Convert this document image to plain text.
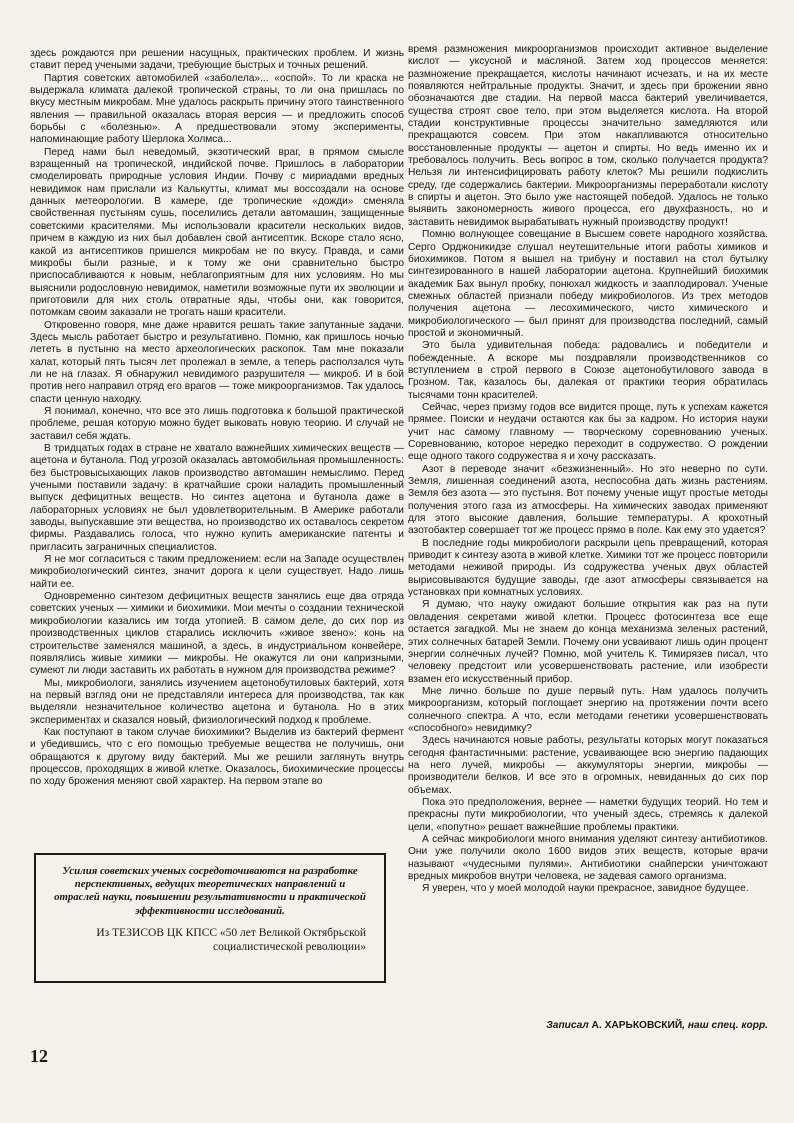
здесь рождаются при решении насущных, практических проблем. И жизнь ставит перед учеными задачи, требующие быстрых и точных решений.

Партия советских автомобилей «заболела»... «оспой». То ли краска не выдержала климата далекой тропической страны, то ли она пришлась по вкусу местным микробам. Мне удалось раскрыть причину этого таинственного явления — правильной оказалась вторая версия — и предложить способ борьбы с «болезнью». А предшествовали этому эксперименты, напоминающие работу Шерлока Холмса...

Перед нами был неведомый, экзотический враг, в прямом смысле взращенный на тропической, индийской почве. Пришлось в лаборатории смоделировать природные условия Индии. Почву с мириадами вредных невидимок нам прислали из Калькутты, климат мы воссоздали на основе данных метеорологии. В камере, где тропические «дожди» сменяла свойственная пустыням сушь, поселились детали автомашин, защищенные советскими красителями. Мы использовали красители нескольких видов, причем в каждую из них был добавлен свой антисептик. Вскоре стало ясно, какой из антисептиков пришелся микробам не по вкусу. Правда, и сами микробы были разные, и к тому же они сравнительно быстро приспосабливаются к новым, неблагоприятным для них условиям. Но мы выяснили родословную невидимок, наметили возможные пути их эволюции и приготовили для них столь отвратные яды, чтобы они, как говорится, потомкам своим заказали не трогать наши красители.

Откровенно говоря, мне даже нравится решать такие запутанные задачи. Здесь мысль работает быстро и результативно. Помню, как пришлось ночью лететь в пустыню на место археологических раскопок. Там мне показали халат, который пять тысяч лет пролежал в земле, а теперь расползался чуть ли не на глазах. Я обнаружил невидимого разрушителя — микроб. И в бой против него направил отряд его врагов — тоже микроорганизмов. Так удалось спасти ценную находку.

Я понимал, конечно, что все это лишь подготовка к большой практической проблеме, решая которую можно будет выковать новую теорию. И случай не заставил себя ждать.

В тридцатых годах в стране не хватало важнейших химических веществ — ацетона и бутанола. Под угрозой оказалась автомобильная промышленность: без быстровысыхающих лаков производство автомашин немыслимо. Перед учеными поставили задачу: в кратчайшие сроки наладить промышленный выпуск дефицитных веществ. Но синтез ацетона и бутанола даже в лабораторных условиях не был удовлетворительным. В Америке работали заводы, выпускавшие эти вещества, но производство их оставалось секретом фирмы. Раздавались голоса, что нужно купить американские патенты и пригласить заграничных специалистов.

Я не мог согласиться с таким предложением: если на Западе осуществлен микробиологический синтез, значит дорога к цели существует. Надо лишь найти ее.

Одновременно синтезом дефицитных веществ занялись еще два отряда советских ученых — химики и биохимики. Мои мечты о создании технической микробиологии казались им тогда утопией. В самом деле, до сих пор из производственных циклов старались исключить «живое звено»: конь на строительстве заменялся машиной, а здесь, в индустриальном конвейере, появлялись живые химики — микробы. Не окажутся ли они капризными, сумеют ли люди заставить их работать в нужном для производства режиме?

Мы, микробиологи, занялись изучением ацетонобутиловых бактерий, хотя на первый взгляд они не представляли интереса для производства, так как выделяли незначительное количество ацетона и бутанола. Но в этих экспериментах и сказался новый, физиологический подход к проблеме.

Как поступают в таком случае биохимики? Выделив из бактерий фермент и убедившись, что с его помощью требуемые вещества не получишь, они обращаются к другому виду бактерий. Мы же решили заглянуть внутрь процессов, проходящих в живой клетке. Оказалось, биохимические процессы по ходу брожения меняют свой характер. На первом этапе во

Усилия советских ученых сосредоточиваются на разработке перспективных, ведущих теоретических направлений и отраслей науки, повышении результативности и практической эффективности исследований.

Из ТЕЗИСОВ ЦК КПСС «50 лет Великой Октябрьской социалистической революции»

время размножения микроорганизмов происходит активное выделение кислот — уксусной и масляной. Затем ход процессов меняется: размножение прекращается, кислоты начинают исчезать, и на их месте появляются нейтральные продукты. Значит, и здесь при брожении явно обозначаются две стадии. На первой масса бактерий увеличивается, существа строят свое тело, при этом выделяется кислота. На второй стадии конструктивные процессы значительно замедляются или прекращаются совсем. При этом накапливаются относительно восстановленные продукты — ацетон и спирты. Но ведь именно их и требовалось получить. Весь вопрос в том, сколько получается продукта? Нельзя ли интенсифицировать работу клеток? Мы решили подкислить среду, где содержались бактерии. Микроорганизмы переработали кислоту в спирты и ацетон. Это было уже настоящей победой. Удалось не только выявить закономерность живого процесса, его двухфазность, но и заставить невидимок вырабатывать нужный производству продукт!

Помню волнующее совещание в Высшем совете народного хозяйства. Серго Орджоникидзе слушал неутешительные итоги работы химиков и биохимиков. Потом я вышел на трибуну и поставил на стол бутылку синтезированного в нашей лаборатории ацетона. Крупнейший биохимик академик Бах вынул пробку, понюхал жидкость и зааплодировал. Ученые смежных областей признали победу микробиологов. Из трех методов получения ацетона — лесохимического, чисто химического и микробиологического — был принят для производства последний, самый простой и экономичный.

Это была удивительная победа: радовались и победители и побежденные. А вскоре мы поздравляли производственников со вступлением в строй первого в Союзе ацетонобутилового завода в Грозном. Так, казалось бы, далекая от практики теория обратилась тысячами тонн красителей.

Сейчас, через призму годов все видится проще, путь к успехам кажется прямее. Поиски и неудачи остаются как бы за кадром. Но история науки учит нас самому главному — творческому соревнованию ученых. Соревнованию, которое нередко переходит в содружество. О рождении еще одного такого содружества я и хочу рассказать.

Азот в переводе значит «безжизненный». Но это неверно по сути. Земля, лишенная соединений азота, неспособна дать жизнь растениям. Земля без азота — это пустыня. Вот почему ученые ищут простые методы получения этого газа из атмосферы. На химических заводах применяют для этого высокие давления, большие температуры. А крохотный азотобактер совершает тот же процесс прямо в поле. Как ему это удается?

В последние годы микробиологи раскрыли цепь превращений, которая приводит к синтезу азота в живой клетке. Химики тот же процесс повторили методами неживой природы. Из содружества ученых двух областей вырисовываются будущие заводы, где азот атмосферы связывается на установках при комнатных условиях.

Я думаю, что науку ожидают большие открытия как раз на пути овладения секретами живой клетки. Процесс фотосинтеза все еще остается загадкой. Мы не знаем до конца механизма зеленых растений, этих солнечных батарей Земли. Почему они усваивают лишь один процент энергии солнечных лучей? Помню, мой учитель К. Тимирязев писал, что человеку предстоит или усовершенствовать растение, или изобрести взамен его искусственный прибор.

Мне лично больше по душе первый путь. Нам удалось получить микроорганизм, который поглощает энергию на протяжении почти всего солнечного спектра. А что, если методами генетики усовершенствовать «способного» невидимку?

Здесь начинаются новые работы, результаты которых могут показаться сегодня фантастичными: растение, усваивающее всю энергию падающих на него лучей, микробы — аккумуляторы энергии, микробы — производители белков. И все это в огромных, невиданных до сих пор объемах.

Пока это предположения, вернее — наметки будущих теорий. Но тем и прекрасны пути микробиологии, что ученый здесь, стремясь к далекой цели, «попутно» решает важнейшие проблемы практики.

А сейчас микробиологи много внимания уделяют синтезу антибиотиков. Они уже получили около 1600 видов этих веществ, которые врачи называют «чудесными пулями». Антибиотики снайперски уничтожают вредных микробов внутри человека, не задевая самого организма.

Я уверен, что у моей молодой науки прекрасное, завидное будущее.

Записал А. ХАРЬКОВСКИЙ, наш спец. корр.
12
